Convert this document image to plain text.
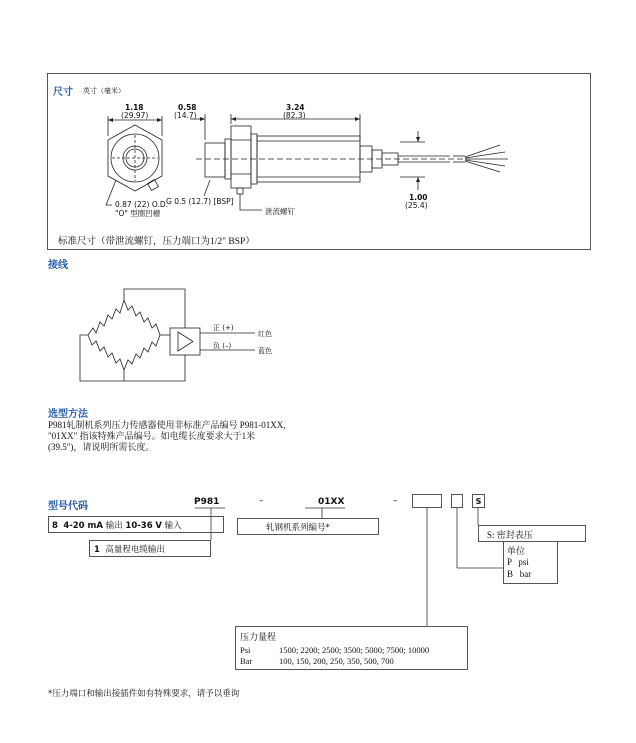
尺寸 英寸（毫米）
1.18
(29.97)
0.58
(14.7)
3.24
(82.3)
1.00
(25.4)
0.87 (22) O.D.
"O" 型圈凹槽
G 0.5 (12.7) [BSP]
泄流螺钉
标准尺寸（带泄流螺钉，压力端口为1/2" BSP）
接线
正 (+)
红色
负 (–)
蓝色
选型方法
P981轧制机系列压力传感器使用非标准产品编号 P981-01XX,
"01XX" 指该特殊产品编号。如电缆长度要求大于1米
(39.5")，请说明所需长度。
型号代码	P981	–	01XX	–	S
8 4-20 mA 输出 10-36 V 输入
1 高量程电缆输出
轧钢机系列编号*
S: 密封表压
单位
P   psi
B   bar
压力量程
Psi	1500; 2200; 2500; 3500; 5000; 7500; 10000
Bar	100, 150, 200, 250, 350, 500, 700
*压力端口和输出接插件如有特殊要求，请予以垂询
